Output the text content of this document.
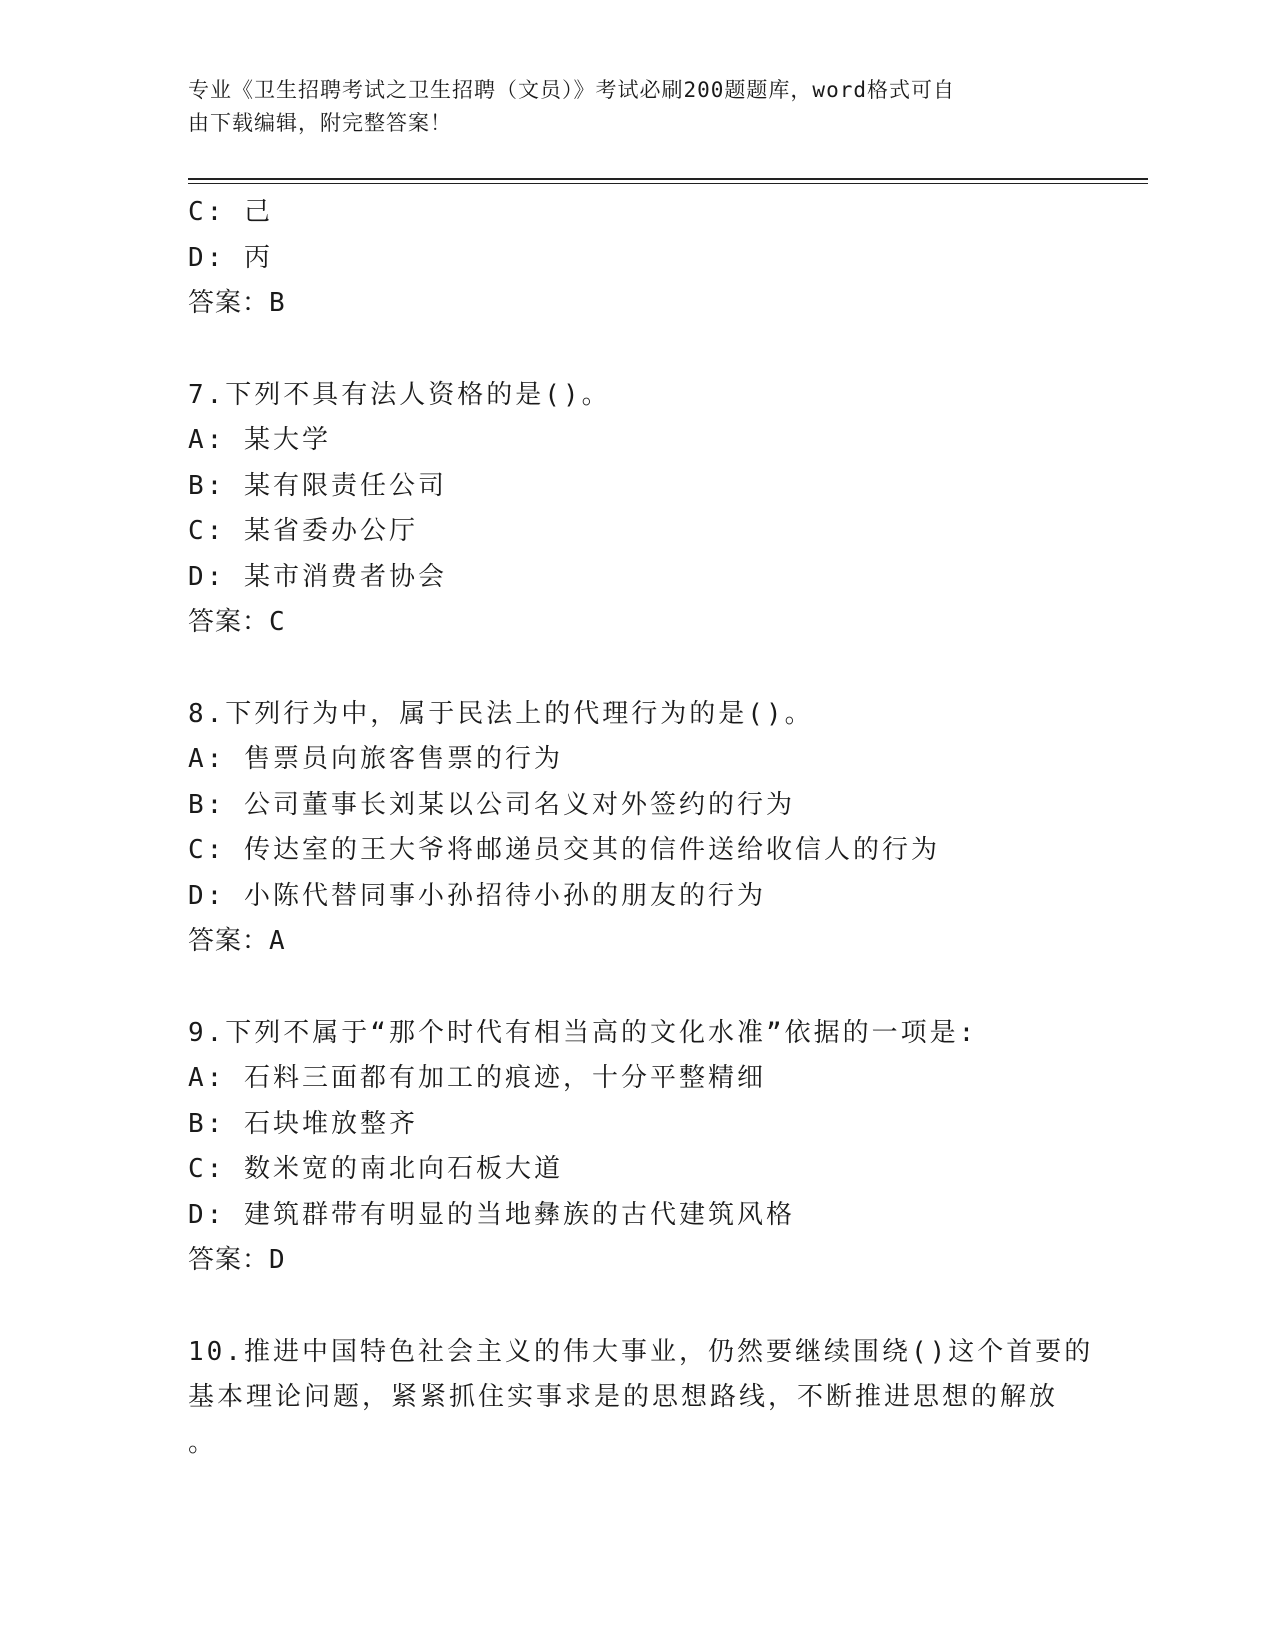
专业《卫生招聘考试之卫生招聘（文员）》考试必刷200题题库，word格式可自
由下载编辑，附完整答案！
C: 己
D: 丙
答案：B
7.下列不具有法人资格的是()。
A: 某大学
B: 某有限责任公司
C: 某省委办公厅
D: 某市消费者协会
答案：C
8.下列行为中，属于民法上的代理行为的是()。
A: 售票员向旅客售票的行为
B: 公司董事长刘某以公司名义对外签约的行为
C: 传达室的王大爷将邮递员交其的信件送给收信人的行为
D: 小陈代替同事小孙招待小孙的朋友的行为
答案：A
9.下列不属于“那个时代有相当高的文化水准”依据的一项是:
A: 石料三面都有加工的痕迹，十分平整精细
B: 石块堆放整齐
C: 数米宽的南北向石板大道
D: 建筑群带有明显的当地彝族的古代建筑风格
答案：D
10.推进中国特色社会主义的伟大事业，仍然要继续围绕()这个首要的
基本理论问题，紧紧抓住实事求是的思想路线，不断推进思想的解放
。
